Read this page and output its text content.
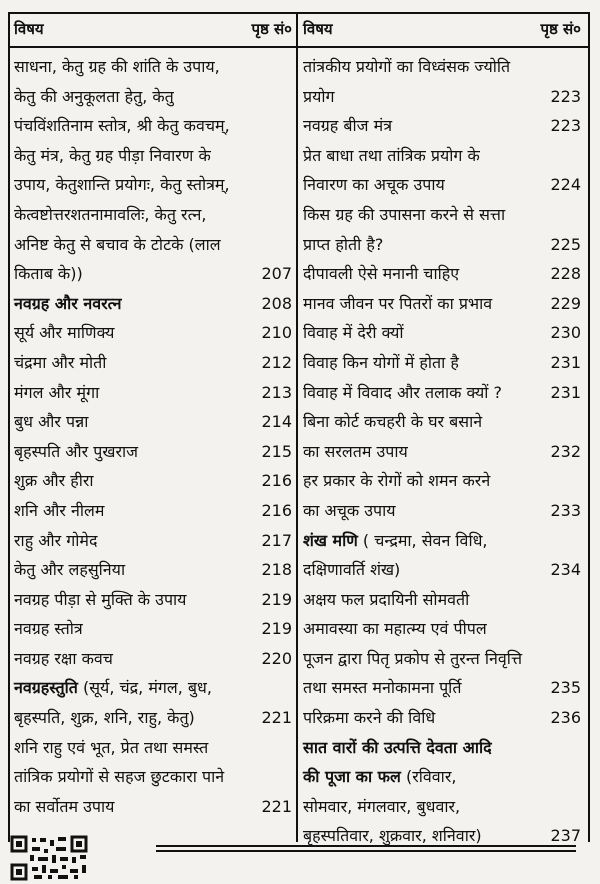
विषय	पृष्ठ सं० विषय	पृष्ठ सं०
साधना, केतु ग्रह की शांति के उपाय,
केतु की अनुकूलता हेतु, केतु
पंचविंशतिनाम स्तोत्र, श्री केतु कवचम्,
केतु मंत्र, केतु ग्रह पीड़ा निवारण के
उपाय, केतुशान्ति प्रयोगः, केतु स्तोत्रम्,
केत्वष्टोत्तरशतनामावलिः, केतु रत्न,
अनिष्ट केतु से बचाव के टोटके (लाल
किताब के))	207
नवग्रह और नवरत्न	208
सूर्य और माणिक्य	210
चंद्रमा और मोती	212
मंगल और मूंगा	213
बुध और पन्ना	214
बृहस्पति और पुखराज	215
शुक्र और हीरा	216
शनि और नीलम	216
राहु और गोमेद	217
केतु और लहसुनिया	218
नवग्रह पीड़ा से मुक्ति के उपाय	219
नवग्रह स्तोत्र	219
नवग्रह रक्षा कवच	220
नवग्रहस्तुति (सूर्य, चंद्र, मंगल, बुध,
बृहस्पति, शुक्र, शनि, राहु, केतु)	221
शनि राहु एवं भूत, प्रेत तथा समस्त
तांत्रिक प्रयोगों से सहज छुटकारा पाने
का सर्वोतम उपाय	221
तांत्रकीय प्रयोगों का विध्वंसक ज्योति
प्रयोग	223
नवग्रह बीज मंत्र	223
प्रेत बाधा तथा तांत्रिक प्रयोग के
निवारण का अचूक उपाय	224
किस ग्रह की उपासना करने से सत्ता
प्राप्त होती है?	225
दीपावली ऐसे मनानी चाहिए	228
मानव जीवन पर पितरों का प्रभाव	229
विवाह में देरी क्यों	230
विवाह किन योगों में होता है	231
विवाह में विवाद और तलाक क्यों ?	231
बिना कोर्ट कचहरी के घर बसाने
का सरलतम उपाय	232
हर प्रकार के रोगों को शमन करने
का अचूक उपाय	233
शंख मणि ( चन्द्रमा, सेवन विधि,
दक्षिणावर्ति शंख)	234
अक्षय फल प्रदायिनी सोमवती
अमावस्या का महात्म्य एवं पीपल
पूजन द्वारा पितृ प्रकोप से तुरन्त निवृत्ति
तथा समस्त मनोकामना पूर्ति	235
परिक्रमा करने की विधि	236
सात वारों की उत्पत्ति देवता आदि
की पूजा का फल (रविवार,
सोमवार, मंगलवार, बुधवार,
बृहस्पतिवार, शुक्रवार, शनिवार)	237
